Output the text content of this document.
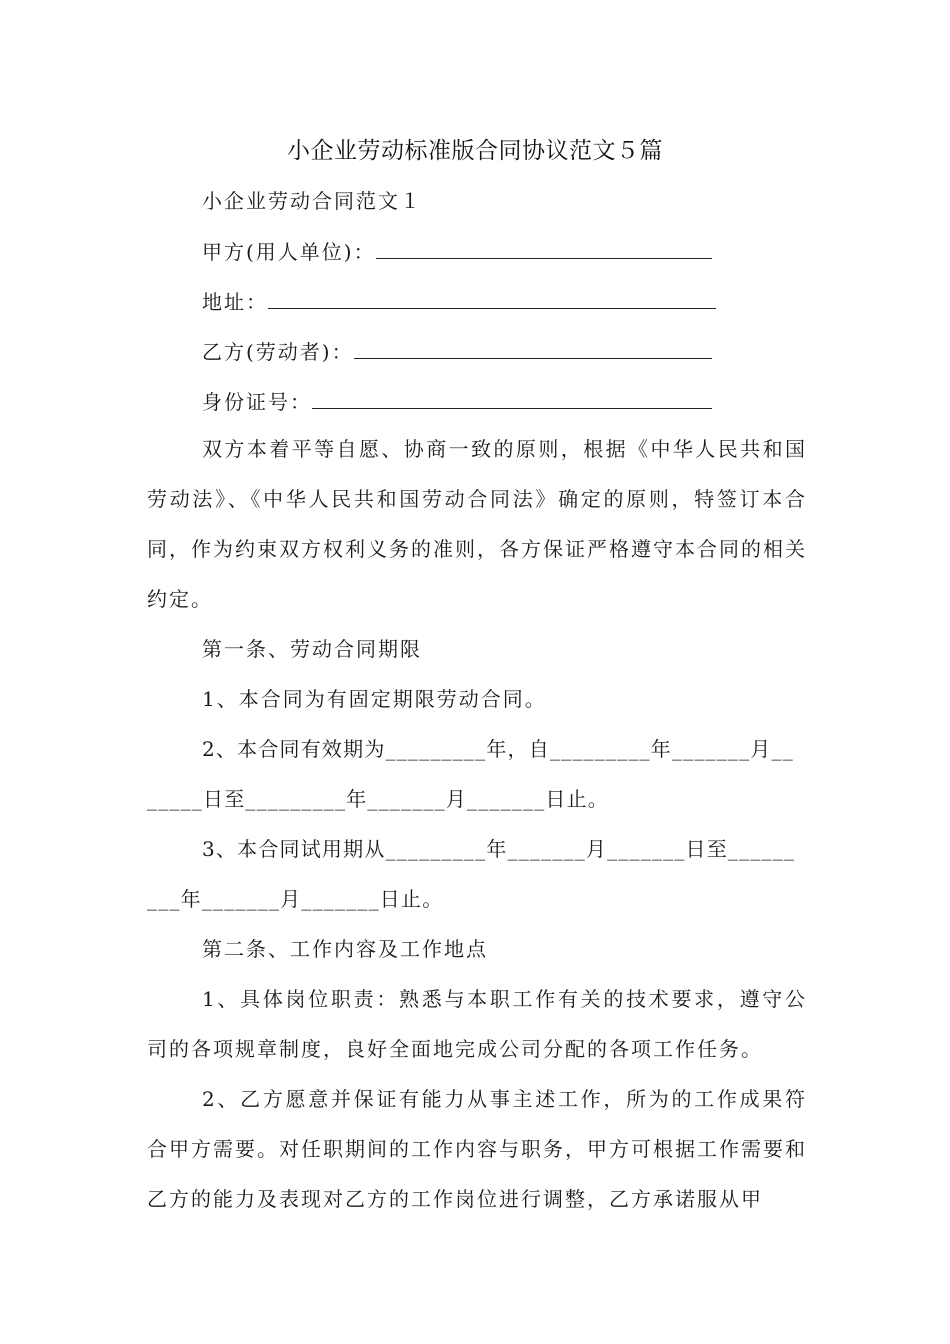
小企业劳动标准版合同协议范文５篇
小企业劳动合同范文１
甲方(用人单位)：
地址：
乙方(劳动者)：
身份证号：
双方本着平等自愿、协商一致的原则，根据《中华人民共和国劳动法》、《中华人民共和国劳动合同法》确定的原则，特签订本合同，作为约束双方权利义务的准则，各方保证严格遵守本合同的相关约定。
第一条、劳动合同期限
1、本合同为有固定期限劳动合同。
2、本合同有效期为_________年，自_________年_______月__
_____日至_________年_______月_______日止。
3、本合同试用期从_________年_______月_______日至______
___年_______月_______日止。
第二条、工作内容及工作地点
1、具体岗位职责：熟悉与本职工作有关的技术要求，遵守公司的各项规章制度，良好全面地完成公司分配的各项工作任务。
2、乙方愿意并保证有能力从事主述工作，所为的工作成果符合甲方需要。对任职期间的工作内容与职务，甲方可根据工作需要和乙方的能力及表现对乙方的工作岗位进行调整，乙方承诺服从甲
